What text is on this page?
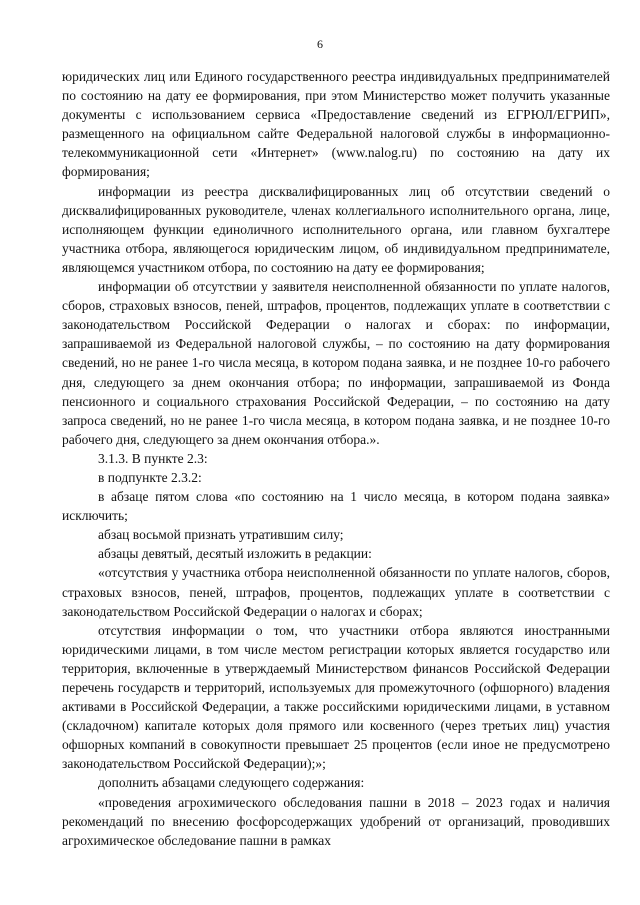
6

юридических лиц или Единого государственного реестра индивидуальных предпринимателей по состоянию на дату ее формирования, при этом Министерство может получить указанные документы с использованием сервиса «Предоставление сведений из ЕГРЮЛ/ЕГРИП», размещенного на официальном сайте Федеральной налоговой службы в информационно-телекоммуникационной сети «Интернет» (www.nalog.ru) по состоянию на дату их формирования;

информации из реестра дисквалифицированных лиц об отсутствии сведений о дисквалифицированных руководителе, членах коллегиального исполнительного органа, лице, исполняющем функции единоличного исполнительного органа, или главном бухгалтере участника отбора, являющегося юридическим лицом, об индивидуальном предпринимателе, являющемся участником отбора, по состоянию на дату ее формирования;

информации об отсутствии у заявителя неисполненной обязанности по уплате налогов, сборов, страховых взносов, пеней, штрафов, процентов, подлежащих уплате в соответствии с законодательством Российской Федерации о налогах и сборах: по информации, запрашиваемой из Федеральной налоговой службы, – по состоянию на дату формирования сведений, но не ранее 1-го числа месяца, в котором подана заявка, и не позднее 10-го рабочего дня, следующего за днем окончания отбора; по информации, запрашиваемой из Фонда пенсионного и социального страхования Российской Федерации, – по состоянию на дату запроса сведений, но не ранее 1-го числа месяца, в котором подана заявка, и не позднее 10-го рабочего дня, следующего за днем окончания отбора.».

3.1.3. В пункте 2.3:

в подпункте 2.3.2:

в абзаце пятом слова «по состоянию на 1 число месяца, в котором подана заявка» исключить;

абзац восьмой признать утратившим силу;

абзацы девятый, десятый изложить в редакции:

«отсутствия у участника отбора неисполненной обязанности по уплате налогов, сборов, страховых взносов, пеней, штрафов, процентов, подлежащих уплате в соответствии с законодательством Российской Федерации о налогах и сборах;

отсутствия информации о том, что участники отбора являются иностранными юридическими лицами, в том числе местом регистрации которых является государство или территория, включенные в утверждаемый Министерством финансов Российской Федерации перечень государств и территорий, используемых для промежуточного (офшорного) владения активами в Российской Федерации, а также российскими юридическими лицами, в уставном (складочном) капитале которых доля прямого или косвенного (через третьих лиц) участия офшорных компаний в совокупности превышает 25 процентов (если иное не предусмотрено законодательством Российской Федерации);»;

дополнить абзацами следующего содержания:

«проведения агрохимического обследования пашни в 2018 – 2023 годах и наличия рекомендаций по внесению фосфорсодержащих удобрений от организаций, проводивших агрохимическое обследование пашни в рамках
